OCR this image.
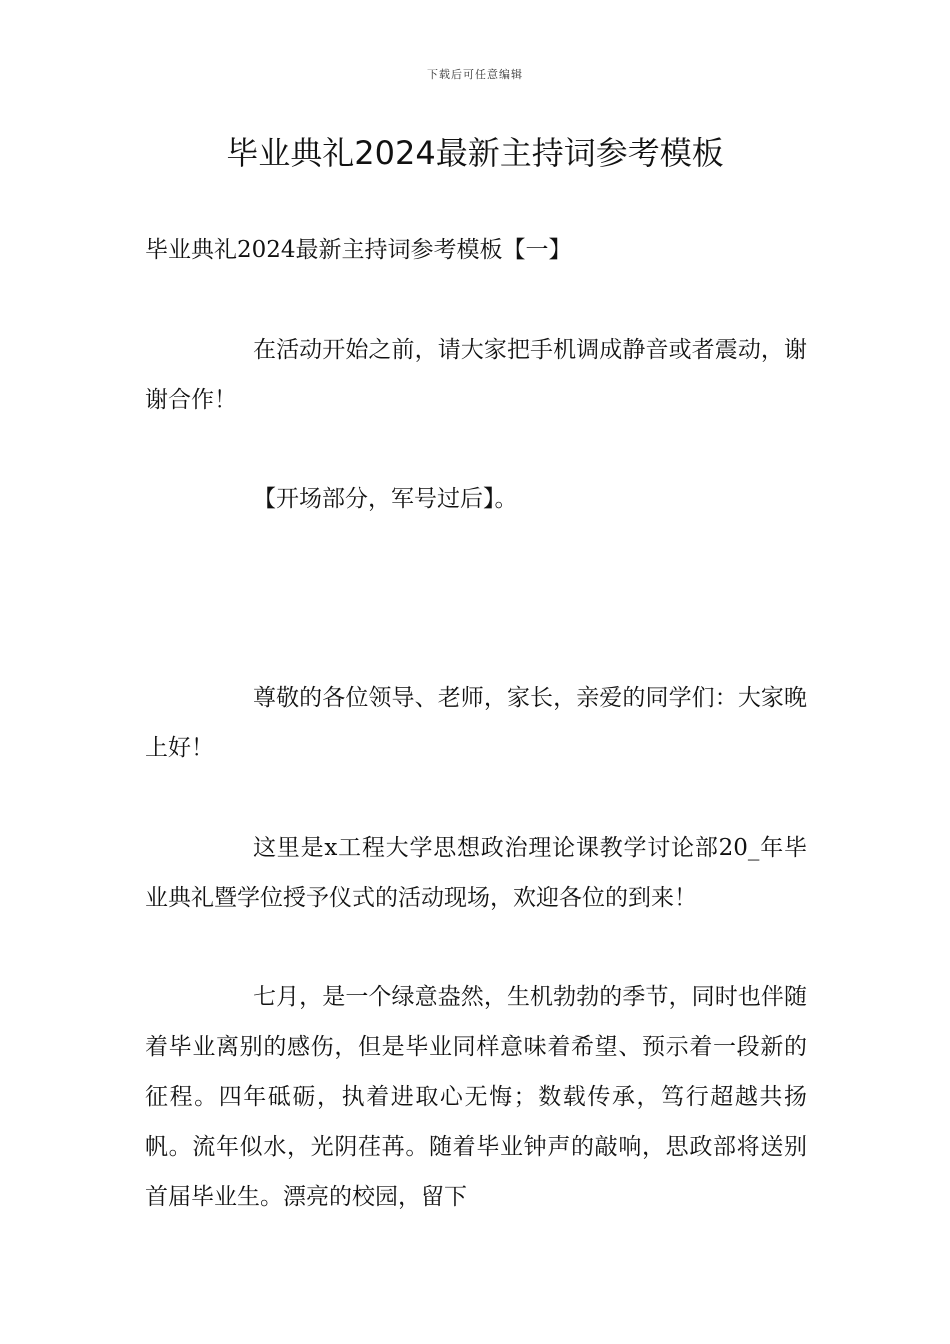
下载后可任意编辑
毕业典礼2024最新主持词参考模板

毕业典礼2024最新主持词参考模板【一】

在活动开始之前，请大家把手机调成静音或者震动，谢谢合作！

【开场部分，军号过后】。

尊敬的各位领导、老师，家长，亲爱的同学们：大家晚上好！

这里是x工程大学思想政治理论课教学讨论部20_年毕业典礼暨学位授予仪式的活动现场，欢迎各位的到来！

七月，是一个绿意盎然，生机勃勃的季节，同时也伴随着毕业离别的感伤，但是毕业同样意味着希望、预示着一段新的征程。四年砥砺，执着进取心无悔；数载传承，笃行超越共扬帆。流年似水，光阴荏苒。随着毕业钟声的敲响，思政部将送别首届毕业生。漂亮的校园，留下
